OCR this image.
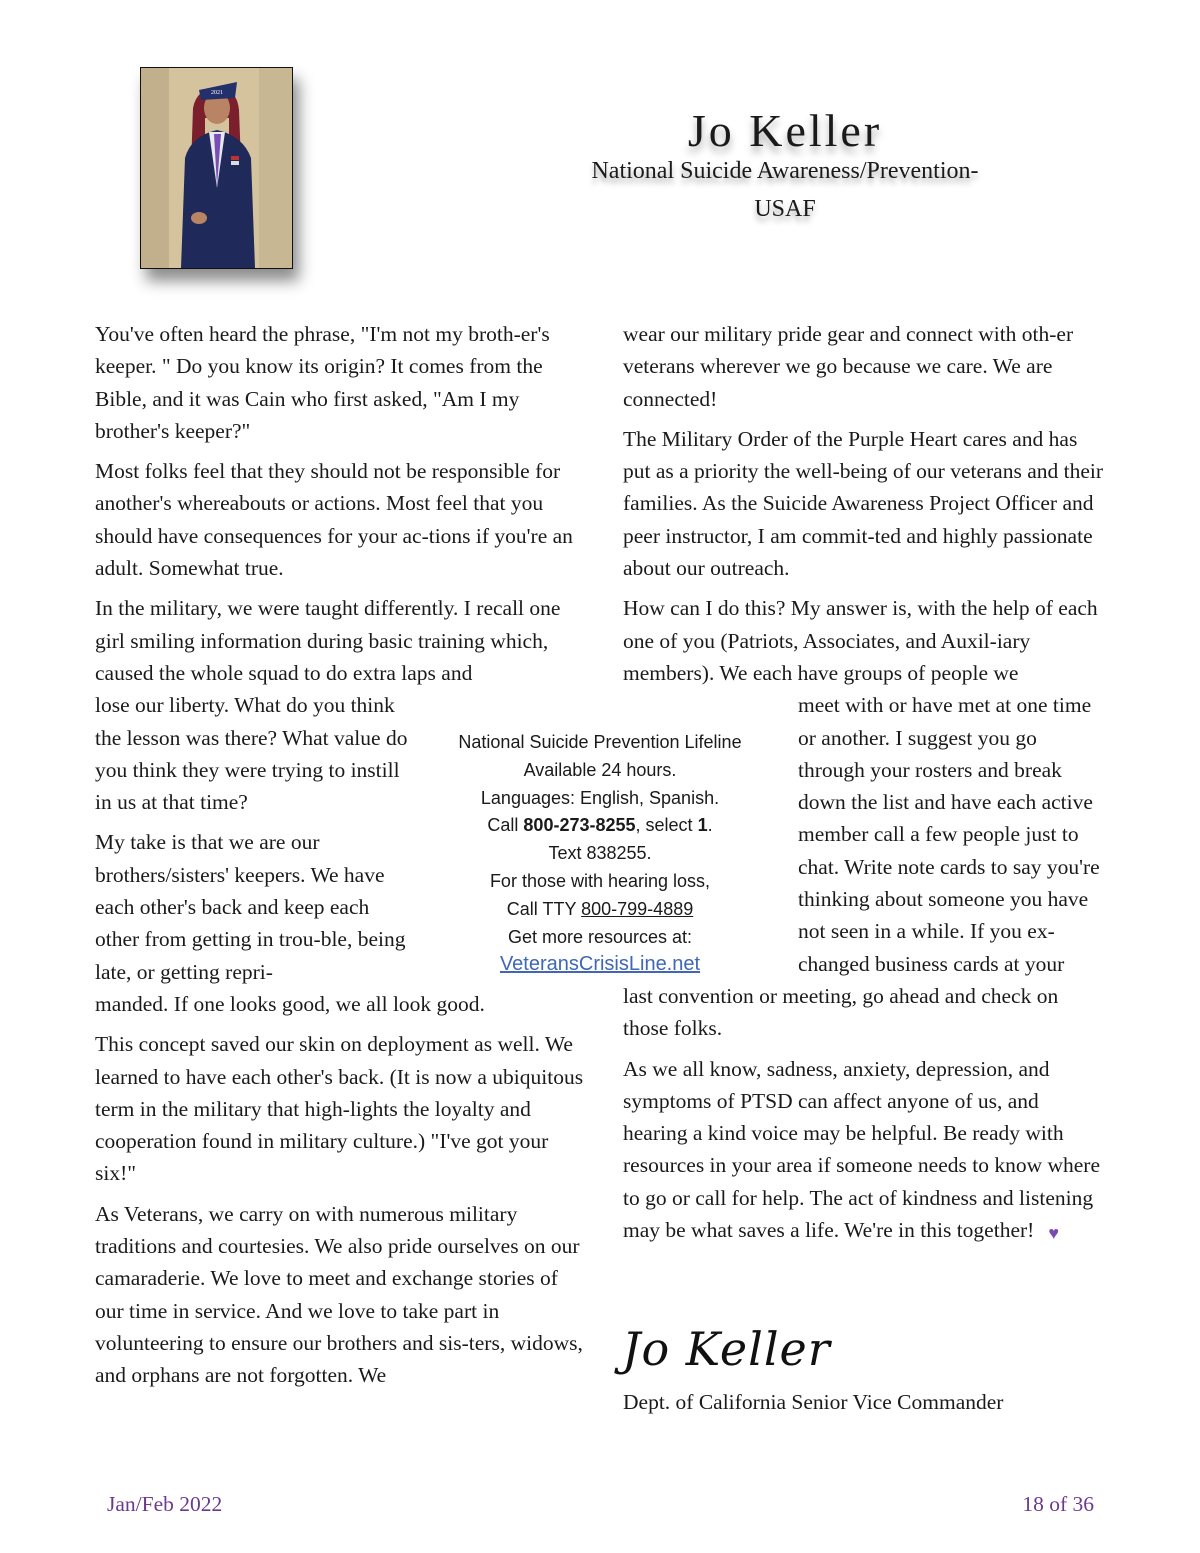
2021
Jo Keller
National Suicide Awareness/Prevention-
USAF

You've often heard the phrase, "I'm not my broth-er's keeper. " Do you know its origin? It comes from the Bible, and it was Cain who first asked, "Am I my brother's keeper?"

Most folks feel that they should not be responsible for another's whereabouts or actions. Most feel that you should have consequences for your ac-tions if you're an adult. Somewhat true.

In the military, we were taught differently. I recall one girl smiling information during basic training which, caused the whole squad to do extra laps and

lose our liberty. What do you think the lesson was there? What value do you think they were trying to instill in us at that time?

My take is that we are our brothers/sisters' keepers. We have each other's back and keep each other from getting in trou-ble, being late, or getting repri-

manded. If one looks good, we all look good.

This concept saved our skin on deployment as well. We learned to have each other's back. (It is now a ubiquitous term in the military that high-lights the loyalty and cooperation found in military culture.) "I've got your six!"

As Veterans, we carry on with numerous military traditions and courtesies. We also pride ourselves on our camaraderie. We love to meet and exchange stories of our time in service. And we love to take part in volunteering to ensure our brothers and sis-ters, widows, and orphans are not forgotten. We

wear our military pride gear and connect with oth-er veterans wherever we go because we care. We are connected!

The Military Order of the Purple Heart cares and has put as a priority the well-being of our veterans and their families. As the Suicide Awareness Project Officer and peer instructor, I am commit-ted and highly passionate about our outreach.

How can I do this? My answer is, with the help of each one of you (Patriots, Associates, and Auxil-iary members). We each have groups of people we

meet with or have met at one time or another. I suggest you go through your rosters and break down the list and have each active member call a few people just to chat. Write note cards to say you're thinking about someone you have not seen in a while. If you ex-changed business cards at your

last convention or meeting, go ahead and check on those folks.

As we all know, sadness, anxiety, depression, and symptoms of PTSD can affect anyone of us, and hearing a kind voice may be helpful. Be ready with resources in your area if someone needs to know where to go or call for help. The act of kindness and listening may be what saves a life. We're in this together! ♥

National Suicide Prevention Lifeline
Available 24 hours.
Languages: English, Spanish.
Call 800-273-8255, select 1.
Text 838255.
For those with hearing loss,
Call TTY 800-799-4889
Get more resources at:
VeteransCrisisLine.net
Jo Keller
Dept. of California Senior Vice Commander
Jan/Feb 2022	18 of 36
